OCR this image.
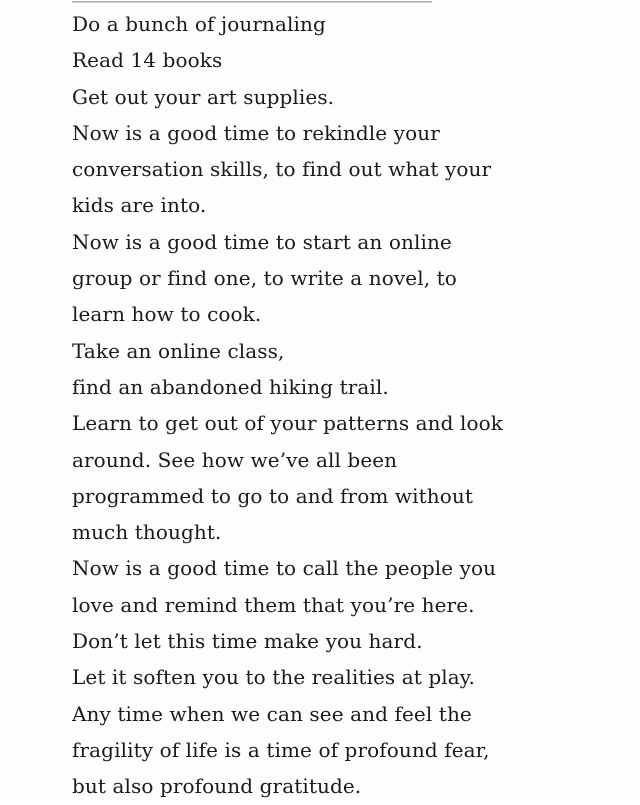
――――――――――――――――――
Do a bunch of journaling
Read 14 books
Get out your art supplies.
Now is a good time to rekindle your
conversation skills, to find out what your
kids are into.
Now is a good time to start an online
group or find one, to write a novel, to
learn how to cook.
Take an online class,
find an abandoned hiking trail.
Learn to get out of your patterns and look
around. See how we’ve all been
programmed to go to and from without
much thought.
Now is a good time to call the people you
love and remind them that you’re here.
Don’t let this time make you hard.
Let it soften you to the realities at play.
Any time when we can see and feel the
fragility of life is a time of profound fear,
but also profound gratitude.
